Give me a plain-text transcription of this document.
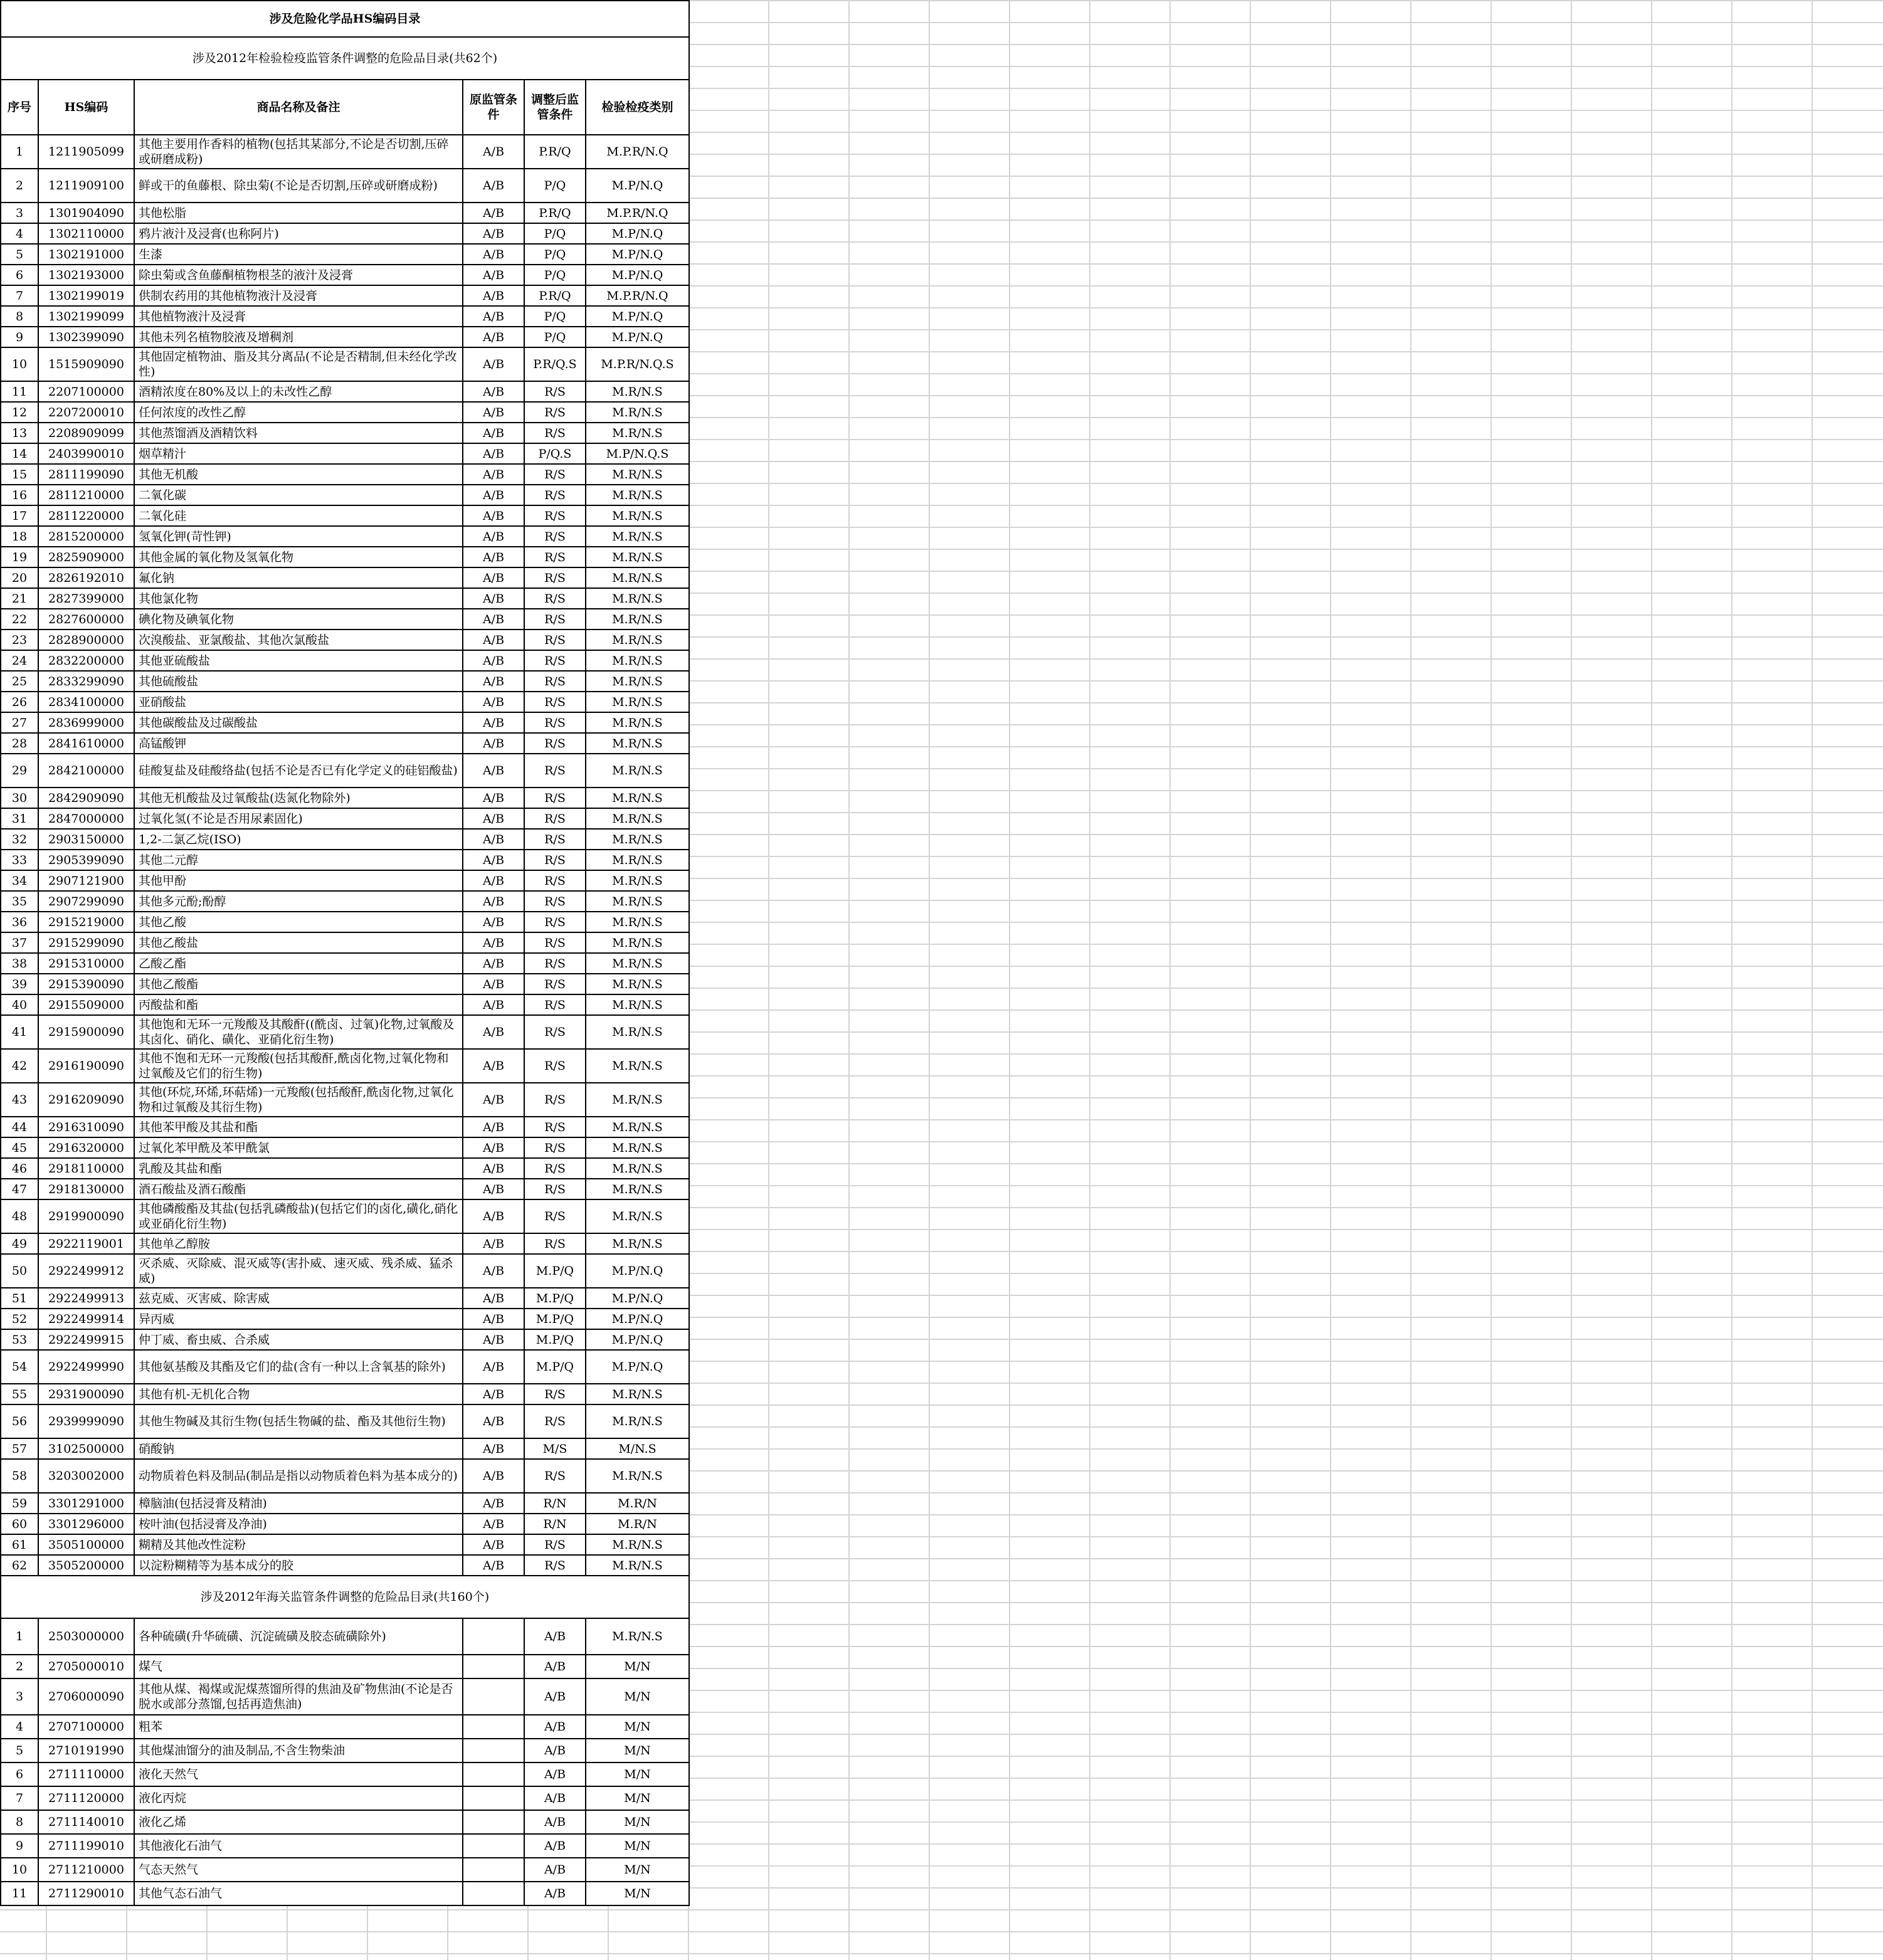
涉及危险化学品HS编码目录					
涉及2012年检验检疫监管条件调整的危险品目录(共62个)					
序号	HS编码	商品名称及备注	原监管条件	调整后监管条件	检验检疫类别
1	1211905099	其他主要用作香料的植物(包括其某部分,不论是否切割,压碎或研磨成粉)	A/B	P.R/Q	M.P.R/N.Q
2	1211909100	鲜或干的鱼藤根、除虫菊(不论是否切割,压碎或研磨成粉)	A/B	P/Q	M.P/N.Q
3	1301904090	其他松脂	A/B	P.R/Q	M.P.R/N.Q
4	1302110000	鸦片液汁及浸膏(也称阿片)	A/B	P/Q	M.P/N.Q
5	1302191000	生漆	A/B	P/Q	M.P/N.Q
6	1302193000	除虫菊或含鱼藤酮植物根茎的液汁及浸膏	A/B	P/Q	M.P/N.Q
7	1302199019	供制农药用的其他植物液汁及浸膏	A/B	P.R/Q	M.P.R/N.Q
8	1302199099	其他植物液汁及浸膏	A/B	P/Q	M.P/N.Q
9	1302399090	其他未列名植物胶液及增稠剂	A/B	P/Q	M.P/N.Q
10	1515909090	其他固定植物油、脂及其分离品(不论是否精制,但未经化学改性)	A/B	P.R/Q.S	M.P.R/N.Q.S
11	2207100000	酒精浓度在80%及以上的未改性乙醇	A/B	R/S	M.R/N.S
12	2207200010	任何浓度的改性乙醇	A/B	R/S	M.R/N.S
13	2208909099	其他蒸馏酒及酒精饮料	A/B	R/S	M.R/N.S
14	2403990010	烟草精汁	A/B	P/Q.S	M.P/N.Q.S
15	2811199090	其他无机酸	A/B	R/S	M.R/N.S
16	2811210000	二氧化碳	A/B	R/S	M.R/N.S
17	2811220000	二氧化硅	A/B	R/S	M.R/N.S
18	2815200000	氢氧化钾(苛性钾)	A/B	R/S	M.R/N.S
19	2825909000	其他金属的氧化物及氢氧化物	A/B	R/S	M.R/N.S
20	2826192010	氟化钠	A/B	R/S	M.R/N.S
21	2827399000	其他氯化物	A/B	R/S	M.R/N.S
22	2827600000	碘化物及碘氧化物	A/B	R/S	M.R/N.S
23	2828900000	次溴酸盐、亚氯酸盐、其他次氯酸盐	A/B	R/S	M.R/N.S
24	2832200000	其他亚硫酸盐	A/B	R/S	M.R/N.S
25	2833299090	其他硫酸盐	A/B	R/S	M.R/N.S
26	2834100000	亚硝酸盐	A/B	R/S	M.R/N.S
27	2836999000	其他碳酸盐及过碳酸盐	A/B	R/S	M.R/N.S
28	2841610000	高锰酸钾	A/B	R/S	M.R/N.S
29	2842100000	硅酸复盐及硅酸络盐(包括不论是否已有化学定义的硅铝酸盐)	A/B	R/S	M.R/N.S
30	2842909090	其他无机酸盐及过氧酸盐(迭氮化物除外)	A/B	R/S	M.R/N.S
31	2847000000	过氧化氢(不论是否用尿素固化)	A/B	R/S	M.R/N.S
32	2903150000	1,2-二氯乙烷(ISO)	A/B	R/S	M.R/N.S
33	2905399090	其他二元醇	A/B	R/S	M.R/N.S
34	2907121900	其他甲酚	A/B	R/S	M.R/N.S
35	2907299090	其他多元酚;酚醇	A/B	R/S	M.R/N.S
36	2915219000	其他乙酸	A/B	R/S	M.R/N.S
37	2915299090	其他乙酸盐	A/B	R/S	M.R/N.S
38	2915310000	乙酸乙酯	A/B	R/S	M.R/N.S
39	2915390090	其他乙酸酯	A/B	R/S	M.R/N.S
40	2915509000	丙酸盐和酯	A/B	R/S	M.R/N.S
41	2915900090	其他饱和无环一元羧酸及其酸酐((酰卤、过氧)化物,过氧酸及其卤化、硝化、磺化、亚硝化衍生物)	A/B	R/S	M.R/N.S
42	2916190090	其他不饱和无环一元羧酸(包括其酸酐,酰卤化物,过氧化物和过氧酸及它们的衍生物)	A/B	R/S	M.R/N.S
43	2916209090	其他(环烷,环烯,环萜烯)一元羧酸(包括酸酐,酰卤化物,过氧化物和过氧酸及其衍生物)	A/B	R/S	M.R/N.S
44	2916310090	其他苯甲酸及其盐和酯	A/B	R/S	M.R/N.S
45	2916320000	过氧化苯甲酰及苯甲酰氯	A/B	R/S	M.R/N.S
46	2918110000	乳酸及其盐和酯	A/B	R/S	M.R/N.S
47	2918130000	酒石酸盐及酒石酸酯	A/B	R/S	M.R/N.S
48	2919900090	其他磷酸酯及其盐(包括乳磷酸盐)(包括它们的卤化,磺化,硝化或亚硝化衍生物)	A/B	R/S	M.R/N.S
49	2922119001	其他单乙醇胺	A/B	R/S	M.R/N.S
50	2922499912	灭杀威、灭除威、混灭威等(害扑威、速灭威、残杀威、猛杀威)	A/B	M.P/Q	M.P/N.Q
51	2922499913	兹克威、灭害威、除害威	A/B	M.P/Q	M.P/N.Q
52	2922499914	异丙威	A/B	M.P/Q	M.P/N.Q
53	2922499915	仲丁威、畜虫威、合杀威	A/B	M.P/Q	M.P/N.Q
54	2922499990	其他氨基酸及其酯及它们的盐(含有一种以上含氧基的除外)	A/B	M.P/Q	M.P/N.Q
55	2931900090	其他有机-无机化合物	A/B	R/S	M.R/N.S
56	2939999090	其他生物碱及其衍生物(包括生物碱的盐、酯及其他衍生物)	A/B	R/S	M.R/N.S
57	3102500000	硝酸钠	A/B	M/S	M/N.S
58	3203002000	动物质着色料及制品(制品是指以动物质着色料为基本成分的)	A/B	R/S	M.R/N.S
59	3301291000	樟脑油(包括浸膏及精油)	A/B	R/N	M.R/N
60	3301296000	桉叶油(包括浸膏及净油)	A/B	R/N	M.R/N
61	3505100000	糊精及其他改性淀粉	A/B	R/S	M.R/N.S
62	3505200000	以淀粉糊精等为基本成分的胶	A/B	R/S	M.R/N.S
涉及2012年海关监管条件调整的危险品目录(共160个)					
1	2503000000	各种硫磺(升华硫磺、沉淀硫磺及胶态硫磺除外)		A/B	M.R/N.S
2	2705000010	煤气		A/B	M/N
3	2706000090	其他从煤、褐煤或泥煤蒸馏所得的焦油及矿物焦油(不论是否脱水或部分蒸馏,包括再造焦油)		A/B	M/N
4	2707100000	粗苯		A/B	M/N
5	2710191990	其他煤油馏分的油及制品,不含生物柴油		A/B	M/N
6	2711110000	液化天然气		A/B	M/N
7	2711120000	液化丙烷		A/B	M/N
8	2711140010	液化乙烯		A/B	M/N
9	2711199010	其他液化石油气		A/B	M/N
10	2711210000	气态天然气		A/B	M/N
11	2711290010	其他气态石油气		A/B	M/N
